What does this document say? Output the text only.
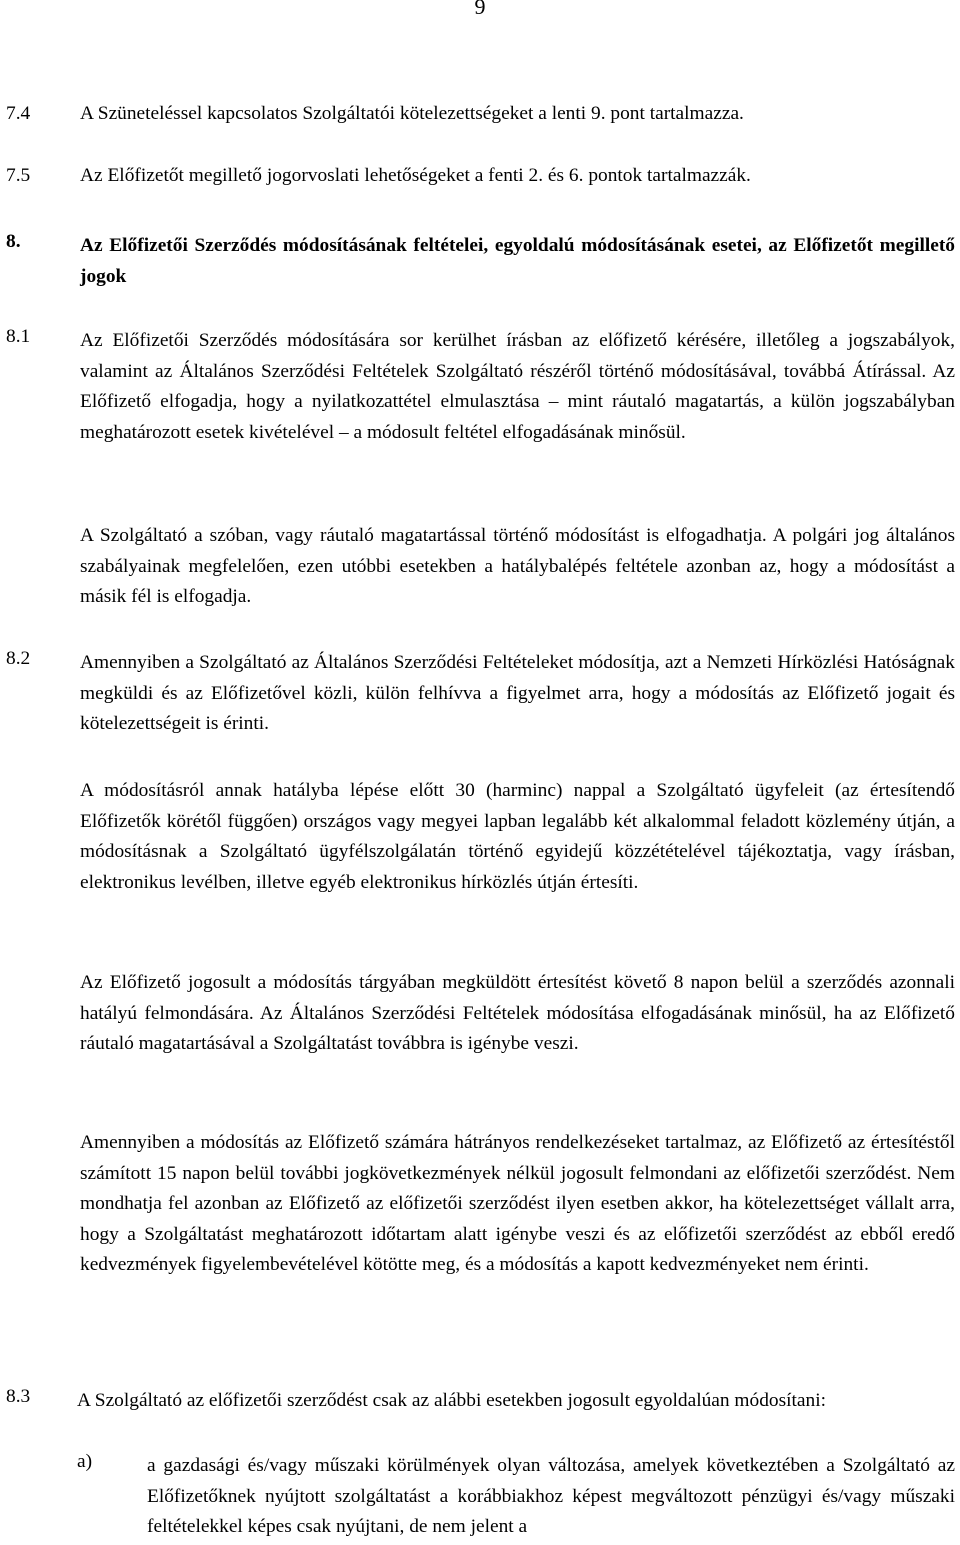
9
7.4	A Szüneteléssel kapcsolatos Szolgáltatói kötelezettségeket a lenti 9. pont tartalmazza.
7.5	Az Előfizetőt megillető jogorvoslati lehetőségeket a fenti 2. és 6. pontok tartalmazzák.
8.	Az Előfizetői Szerződés módosításának feltételei, egyoldalú módosításának esetei, az Előfizetőt megillető jogok
8.1	Az Előfizetői Szerződés módosítására sor kerülhet írásban az előfizető kérésére, illetőleg a jogszabályok, valamint az Általános Szerződési Feltételek Szolgáltató részéről történő módosításával, továbbá Átírással. Az Előfizető elfogadja, hogy a nyilatkozattétel elmulasztása – mint ráutaló magatartás, a külön jogszabályban meghatározott esetek kivételével – a módosult feltétel elfogadásának minősül.
A Szolgáltató a szóban, vagy ráutaló magatartással történő módosítást is elfogadhatja. A polgári jog általános szabályainak megfelelően, ezen utóbbi esetekben a hatálybalépés feltétele azonban az, hogy a módosítást a másik fél is elfogadja.
8.2	Amennyiben a Szolgáltató az Általános Szerződési Feltételeket módosítja, azt a Nemzeti Hírközlési Hatóságnak megküldi és az Előfizetővel közli, külön felhívva a figyelmet arra, hogy a módosítás az Előfizető jogait és kötelezettségeit is érinti.
A módosításról annak hatályba lépése előtt 30 (harminc) nappal a Szolgáltató ügyfeleit (az értesítendő Előfizetők körétől függően) országos vagy megyei lapban legalább két alkalommal feladott közlemény útján, a módosításnak a Szolgáltató ügyfélszolgálatán történő egyidejű közzétételével tájékoztatja, vagy írásban, elektronikus levélben, illetve egyéb elektronikus hírközlés útján értesíti.
Az Előfizető jogosult a módosítás tárgyában megküldött értesítést követő 8 napon belül a szerződés azonnali hatályú felmondására. Az Általános Szerződési Feltételek módosítása elfogadásának minősül, ha az Előfizető ráutaló magatartásával a Szolgáltatást továbbra is igénybe veszi.
Amennyiben a módosítás az Előfizető számára hátrányos rendelkezéseket tartalmaz, az Előfizető az értesítéstől számított 15 napon belül további jogkövetkezmények nélkül jogosult felmondani az előfizetői szerződést. Nem mondhatja fel azonban az Előfizető az előfizetői szerződést ilyen esetben akkor, ha kötelezettséget vállalt arra, hogy a Szolgáltatást meghatározott időtartam alatt igénybe veszi és az előfizetői szerződést az ebből eredő kedvezmények figyelembevételével kötötte meg, és a módosítás a kapott kedvezményeket nem érinti.
8.3 A Szolgáltató az előfizetői szerződést csak az alábbi esetekben jogosult egyoldalúan módosítani:
a)	a gazdasági és/vagy műszaki körülmények olyan változása, amelyek következtében a Szolgáltató az Előfizetőknek nyújtott szolgáltatást a korábbiakhoz képest megváltozott pénzügyi és/vagy műszaki feltételekkel képes csak nyújtani, de nem jelent a
